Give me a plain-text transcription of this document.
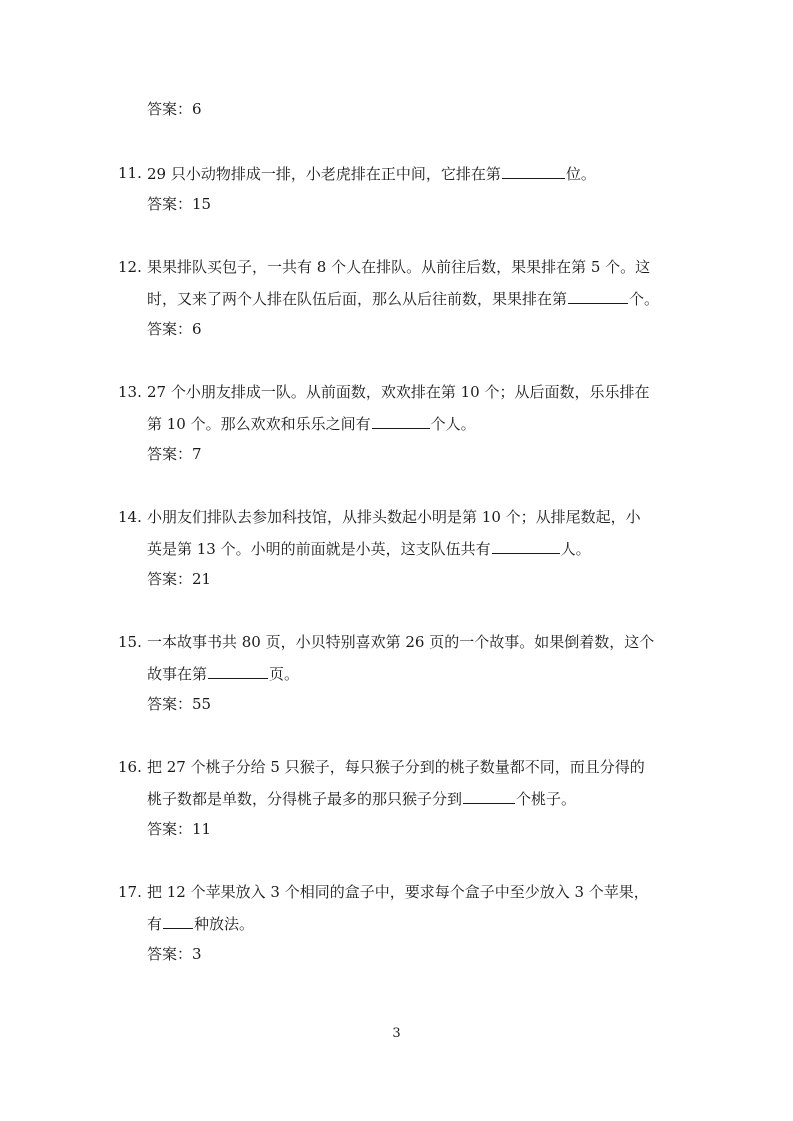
答案：6
11. 29 只小动物排成一排，小老虎排在正中间，它排在第	位。
答案：15
12. 果果排队买包子，一共有 8 个人在排队。从前往后数，果果排在第 5 个。这
时，又来了两个人排在队伍后面，那么从后往前数，果果排在第	个。
答案：6
13. 27 个小朋友排成一队。从前面数，欢欢排在第 10 个；从后面数，乐乐排在
第 10 个。那么欢欢和乐乐之间有	个人。
答案：7
14. 小朋友们排队去参加科技馆，从排头数起小明是第 10 个；从排尾数起，小
英是第 13 个。小明的前面就是小英，这支队伍共有	人。
答案：21
15. 一本故事书共 80 页，小贝特别喜欢第 26 页的一个故事。如果倒着数，这个
故事在第	页。
答案：55
16. 把 27 个桃子分给 5 只猴子，每只猴子分到的桃子数量都不同，而且分得的
桃子数都是单数，分得桃子最多的那只猴子分到	个桃子。
答案：11
17. 把 12 个苹果放入 3 个相同的盒子中，要求每个盒子中至少放入 3 个苹果，
有 种放法。
答案：3
3
